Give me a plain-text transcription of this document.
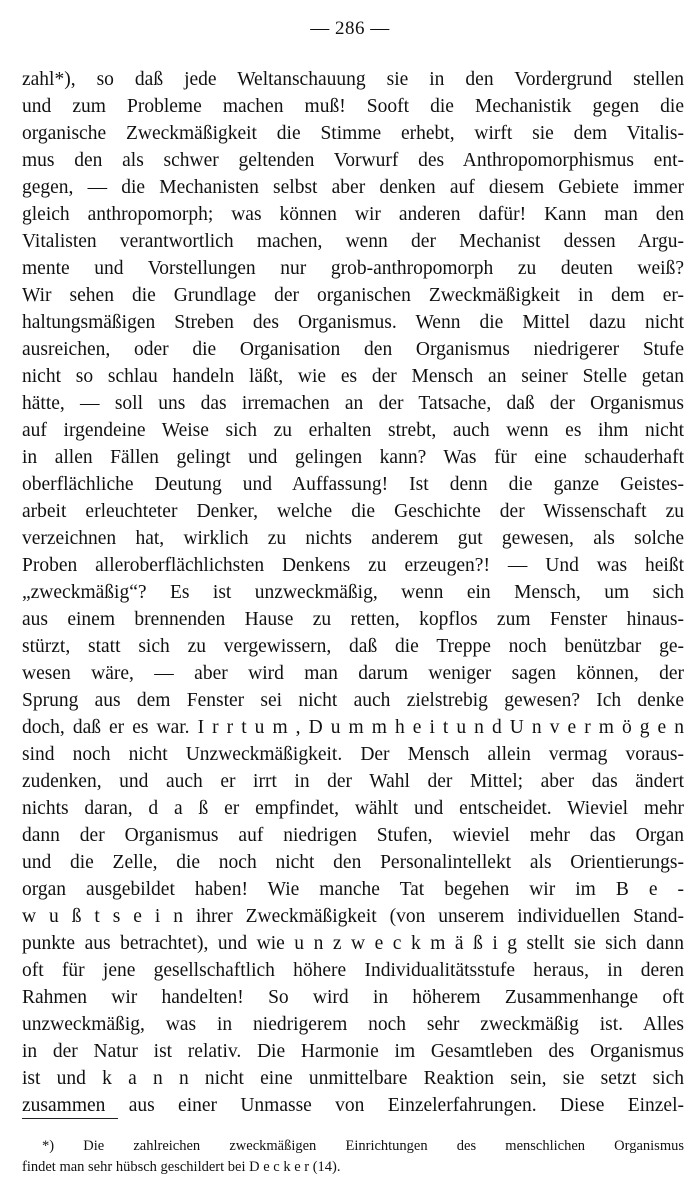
— 286 —
zahl*), so daß jede Weltanschauung sie in den Vordergrund stellen
und zum Probleme machen muß! Sooft die Mechanistik gegen die
organische Zweckmäßigkeit die Stimme erhebt, wirft sie dem Vitalis-
mus den als schwer geltenden Vorwurf des Anthropomorphismus ent-
gegen, — die Mechanisten selbst aber denken auf diesem Gebiete immer
gleich anthropomorph; was können wir anderen dafür! Kann man den
Vitalisten verantwortlich machen, wenn der Mechanist dessen Argu-
mente und Vorstellungen nur grob-anthropomorph zu deuten weiß?
Wir sehen die Grundlage der organischen Zweckmäßigkeit in dem er-
haltungsmäßigen Streben des Organismus. Wenn die Mittel dazu nicht
ausreichen, oder die Organisation den Organismus niedrigerer Stufe
nicht so schlau handeln läßt, wie es der Mensch an seiner Stelle getan
hätte, — soll uns das irremachen an der Tatsache, daß der Organismus
auf irgendeine Weise sich zu erhalten strebt, auch wenn es ihm nicht
in allen Fällen gelingt und gelingen kann? Was für eine schauderhaft
oberflächliche Deutung und Auffassung! Ist denn die ganze Geistes-
arbeit erleuchteter Denker, welche die Geschichte der Wissenschaft zu
verzeichnen hat, wirklich zu nichts anderem gut gewesen, als solche
Proben alleroberflächlichsten Denkens zu erzeugen?! — Und was heißt
„zweckmäßig“? Es ist unzweckmäßig, wenn ein Mensch, um sich
aus einem brennenden Hause zu retten, kopflos zum Fenster hinaus-
stürzt, statt sich zu vergewissern, daß die Treppe noch benützbar ge-
wesen wäre, — aber wird man darum weniger sagen können, der
Sprung aus dem Fenster sei nicht auch zielstrebig gewesen? Ich denke
doch, daß er es war. I r r t u m , D u m m h e i t u n d U n v e r m ö g e n
sind noch nicht Unzweckmäßigkeit. Der Mensch allein vermag voraus-
zudenken, und auch er irrt in der Wahl der Mittel; aber das ändert
nichts daran, d a ß er empfindet, wählt und entscheidet. Wieviel mehr
dann der Organismus auf niedrigen Stufen, wieviel mehr das Organ
und die Zelle, die noch nicht den Personalintellekt als Orientierungs-
organ ausgebildet haben! Wie manche Tat begehen wir im B e -
w u ß t s e i n ihrer Zweckmäßigkeit (von unserem individuellen Stand-
punkte aus betrachtet), und wie u n z w e c k m ä ß i g stellt sie sich dann
oft für jene gesellschaftlich höhere Individualitätsstufe heraus, in deren
Rahmen wir handelten! So wird in höherem Zusammenhange oft
unzweckmäßig, was in niedrigerem noch sehr zweckmäßig ist. Alles
in der Natur ist relativ. Die Harmonie im Gesamtleben des Organismus
ist und k a n n nicht eine unmittelbare Reaktion sein, sie setzt sich
zusammen aus einer Unmasse von Einzelerfahrungen. Diese Einzel-
*) Die zahlreichen zweckmäßigen Einrichtungen des menschlichen Organismus
findet man sehr hübsch geschildert bei D e c k e r (14).
